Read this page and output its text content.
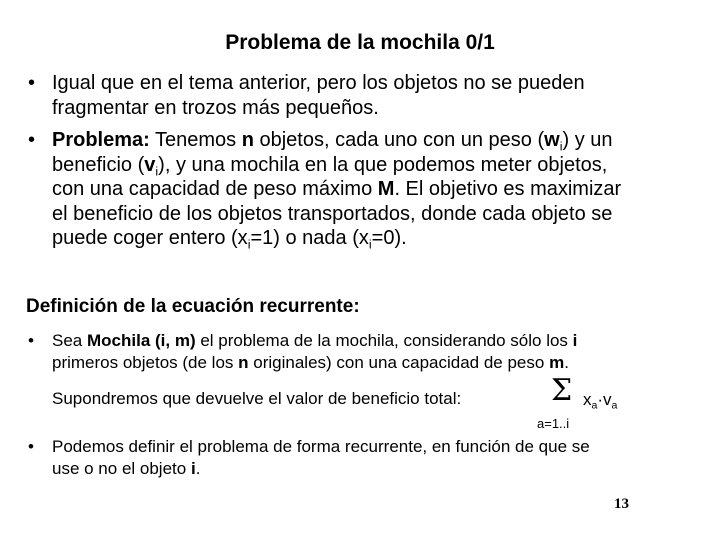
Problema de la mochila 0/1
• Igual que en el tema anterior, pero los objetos no se pueden
fragmentar en trozos más pequeños.
• Problema: Tenemos n objetos, cada uno con un peso $(w_i)$ y un
beneficio $(v_i)$, y una mochila en la que podemos meter objetos,
con una capacidad de peso máximo M. El objetivo es maximizar
el beneficio de los objetos transportados, donde cada objeto se
puede coger entero $(x_i=1)$ o nada $(x_i=0)$.
Definición de la ecuación recurrente:
•	Sea Mochila (i, m) el problema de la mochila, considerando sólo los i
primeros objetos (de los n originales) con una capacidad de peso m.
Supondremos que devuelve el valor de beneficio total:	Σ $x_a\cdot v_a$
a=1..i
•	Podemos definir el problema de forma recurrente, en función de que se
use o no el objeto i.
13
